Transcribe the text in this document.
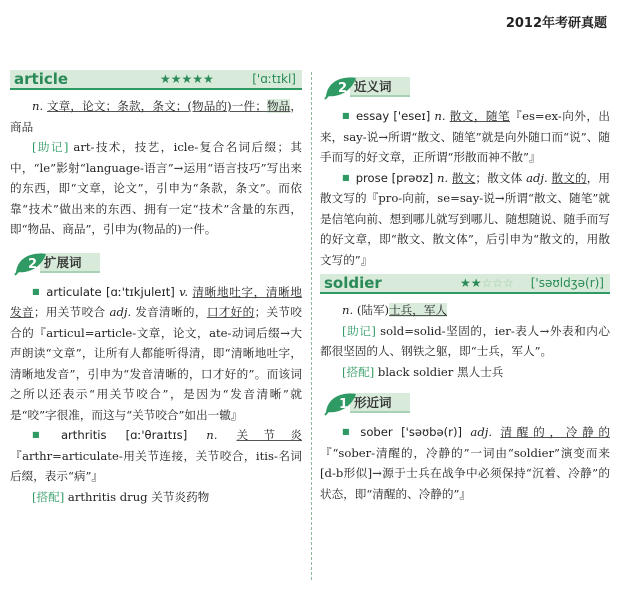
2012年考研真题
article	★★★★★	['ɑːtɪkl]

n. 文章，论文；条款，条文；(物品的)一件；物品，商品

[助记] art-技术，技艺，icle-复合名词后缀；其中，“le”影射“language-语言”→运用“语言技巧”写出来的东西，即“文章，论文”，引申为“条款，条文”。而依靠“技术”做出来的东西、拥有一定“技术”含量的东西，即“物品、商品”，引申为(物品的)一件。

2 扩展词

■ articulate [ɑː'tɪkjuleɪt] v. 清晰地吐字，清晰地发音；用关节咬合 adj. 发音清晰的，口才好的；关节咬合的『articul=article-文章，论文，ate-动词后缀→大声朗读“文章”，让所有人都能听得清，即“清晰地吐字，清晰地发音”，引申为“发音清晰的，口才好的”。而该词之所以还表示“用关节咬合”，是因为“发音清晰”就是“咬”字很准，而这与“关节咬合”如出一辙』

■ arthritis [ɑː'θraɪtɪs] n. 关节炎『arthr=articulate-用关节连接，关节咬合，itis-名词后缀，表示“病”』

[搭配] arthritis drug 关节炎药物

2 近义词

■ essay ['eseɪ] n. 散文，随笔『es=ex-向外，出来，say-说→所谓“散文、随笔”就是向外随口而“说”、随手而写的好文章，正所谓“形散而神不散”』

■ prose [prəʊz] n. 散文；散文体 adj. 散文的，用散文写的『pro-向前，se=say-说→所谓“散文、随笔”就是信笔向前、想到哪儿就写到哪儿、随想随说、随手而写的好文章，即“散文、散文体”，后引申为“散文的，用散文写的”』

soldier	★★☆☆☆ ['səʊldʒə(r)]

n. (陆军)士兵，军人

[助记] sold=solid-坚固的，ier-表人→外表和内心都很坚固的人、钢铁之躯，即“士兵，军人”。

[搭配] black soldier 黑人士兵

1 形近词

■ sober ['səʊbə(r)] adj. 清醒的，冷静的『“sober-清醒的，冷静的”一词由“soldier”演变而来[d-b形似]→源于士兵在战争中必须保持“沉着、冷静”的状态，即“清醒的、冷静的”』
